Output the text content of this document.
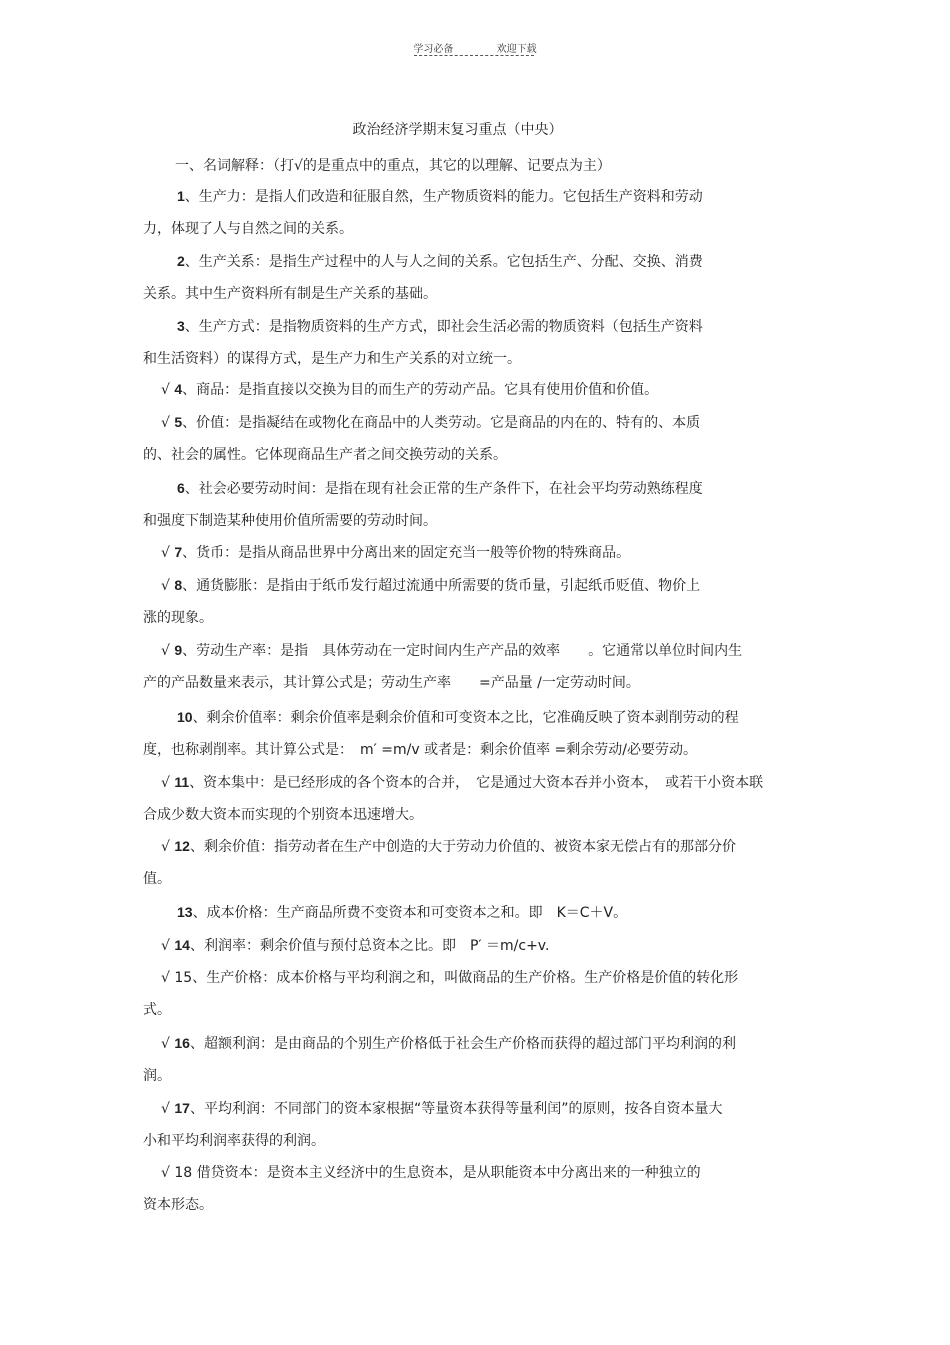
学习必备	欢迎下载
政治经济学期末复习重点（中央）

一、名词解释：（打√的是重点中的重点，其它的以理解、记要点为主）

1、生产力：是指人们改造和征服自然，生产物质资料的能力。它包括生产资料和劳动
力，体现了人与自然之间的关系。
2、生产关系：是指生产过程中的人与人之间的关系。它包括生产、分配、交换、消费
关系。其中生产资料所有制是生产关系的基础。
3、生产方式：是指物质资料的生产方式，即社会生活必需的物质资料（包括生产资料
和生活资料）的谋得方式，是生产力和生产关系的对立统一。
√ 4、商品：是指直接以交换为目的而生产的劳动产品。它具有使用价值和价值。
√ 5、价值：是指凝结在或物化在商品中的人类劳动。它是商品的内在的、特有的、本质
的、社会的属性。它体现商品生产者之间交换劳动的关系。
6、社会必要劳动时间：是指在现有社会正常的生产条件下，在社会平均劳动熟练程度
和强度下制造某种使用价值所需要的劳动时间。
√ 7、货币：是指从商品世界中分离出来的固定充当一般等价物的特殊商品。
√ 8、通货膨胀：是指由于纸币发行超过流通中所需要的货币量，引起纸币贬值、物价上
涨的现象。
√ 9、劳动生产率：是指　具体劳动在一定时间内生产产品的效率　　。它通常以单位时间内生
产的产品数量来表示，其计算公式是；劳动生产率　　=产品量 /一定劳动时间。
10、剩余价值率：剩余价值率是剩余价值和可变资本之比，它准确反映了资本剥削劳动的程
度，也称剥削率。其计算公式是：　m′ =m/v 或者是：剩余价值率 =剩余劳动/必要劳动。
√ 11、资本集中：是已经形成的各个资本的合并，　它是通过大资本吞并小资本，　或若干小资本联
合成少数大资本而实现的个别资本迅速增大。
√ 12、剩余价值：指劳动者在生产中创造的大于劳动力价值的、被资本家无偿占有的那部分价
值。
13、成本价格：生产商品所费不变资本和可变资本之和。即　K＝C＋V。
√ 14、利润率：剩余价值与预付总资本之比。即　P′ ＝m/c+v.
√ 15、生产价格：成本价格与平均利润之和，叫做商品的生产价格。生产价格是价值的转化形
式。
√ 16、超额利润：是由商品的个别生产价格低于社会生产价格而获得的超过部门平均利润的利
润。
√ 17、平均利润：不同部门的资本家根据“等量资本获得等量利闰”的原则，按各自资本量大
小和平均利润率获得的利润。
√ 18 借贷资本：是资本主义经济中的生息资本，是从职能资本中分离出来的一种独立的
资本形态。
